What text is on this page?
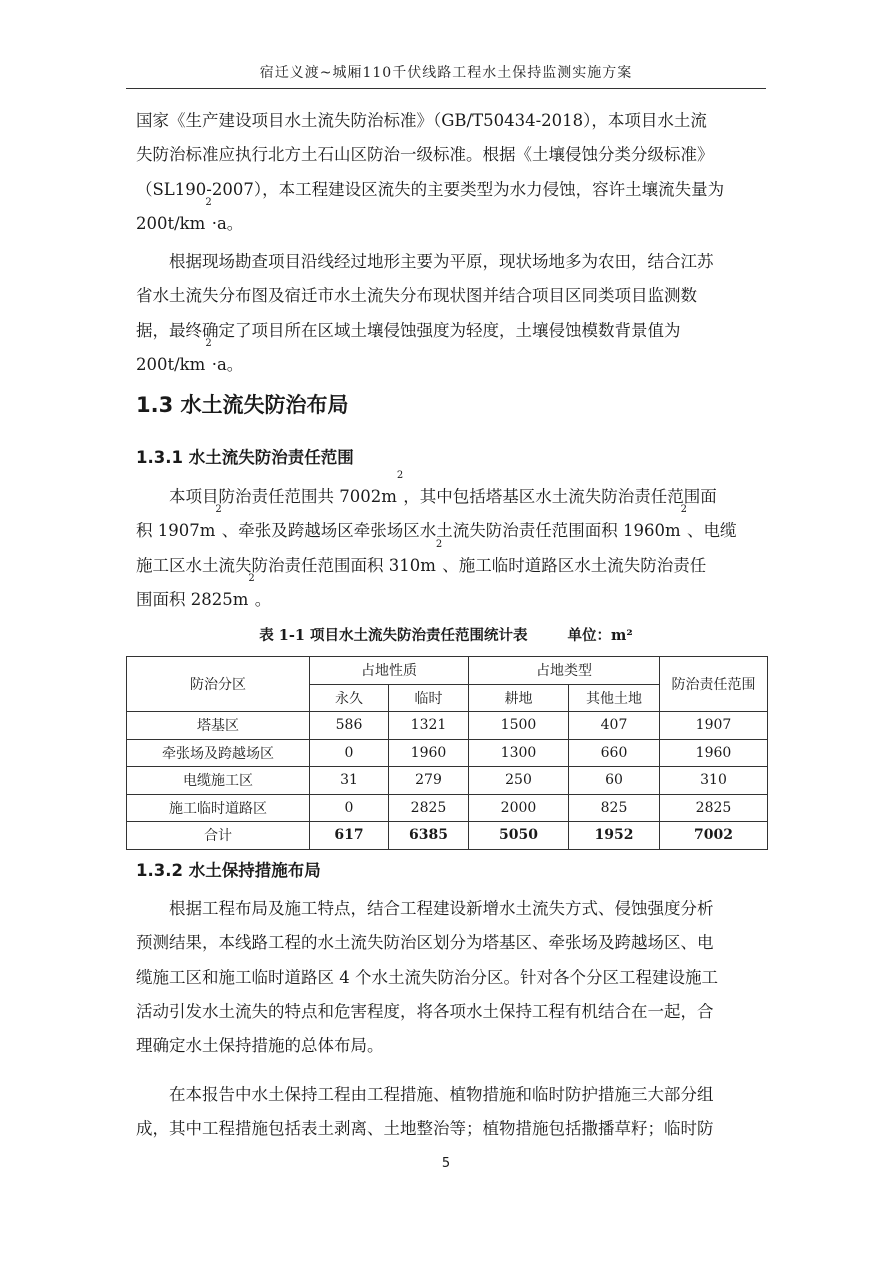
宿迁义渡~城厢110千伏线路工程水土保持监测实施方案
国家《生产建设项目水土流失防治标准》（GB/T50434-2018），本项目水土流
失防治标准应执行北方土石山区防治一级标准。根据《土壤侵蚀分类分级标准》
（SL190-2007），本工程建设区流失的主要类型为水力侵蚀，容许土壤流失量为
$200t/km^2\cdot a$。
根据现场勘查项目沿线经过地形主要为平原，现状场地多为农田，结合江苏
省水土流失分布图及宿迁市水土流失分布现状图并结合项目区同类项目监测数
据，最终确定了项目所在区域土壤侵蚀强度为轻度，土壤侵蚀模数背景值为
$200t/km^2\cdot a$。
1.3 水土流失防治布局
1.3.1 水土流失防治责任范围
本项目防治责任范围共 $7002m^2$，其中包括塔基区水土流失防治责任范围面
积 $1907m^2$、牵张及跨越场区牵张场区水土流失防治责任范围面积 $1960m^2$、电缆
施工区水土流失防治责任范围面积 $310m^2$、施工临时道路区水土流失防治责任
围面积 $2825m^2$。
表 1-1 项目水土流失防治责任范围统计表	单位：m²
防治分区	占地性质		占地类型		防治责任范围
	永久	临时	耕地	其他土地	
塔基区	586	1321	1500	407	1907
牵张场及跨越场区	0	1960	1300	660	1960
电缆施工区	31	279	250	60	310
施工临时道路区	0	2825	2000	825	2825
合计	617	6385	5050	1952	7002
1.3.2 水土保持措施布局
根据工程布局及施工特点，结合工程建设新增水土流失方式、侵蚀强度分析
预测结果，本线路工程的水土流失防治区划分为塔基区、牵张场及跨越场区、电
缆施工区和施工临时道路区 4 个水土流失防治分区。针对各个分区工程建设施工
活动引发水土流失的特点和危害程度，将各项水土保持工程有机结合在一起，合
理确定水土保持措施的总体布局。
在本报告中水土保持工程由工程措施、植物措施和临时防护措施三大部分组
成，其中工程措施包括表土剥离、土地整治等；植物措施包括撒播草籽；临时防
5
